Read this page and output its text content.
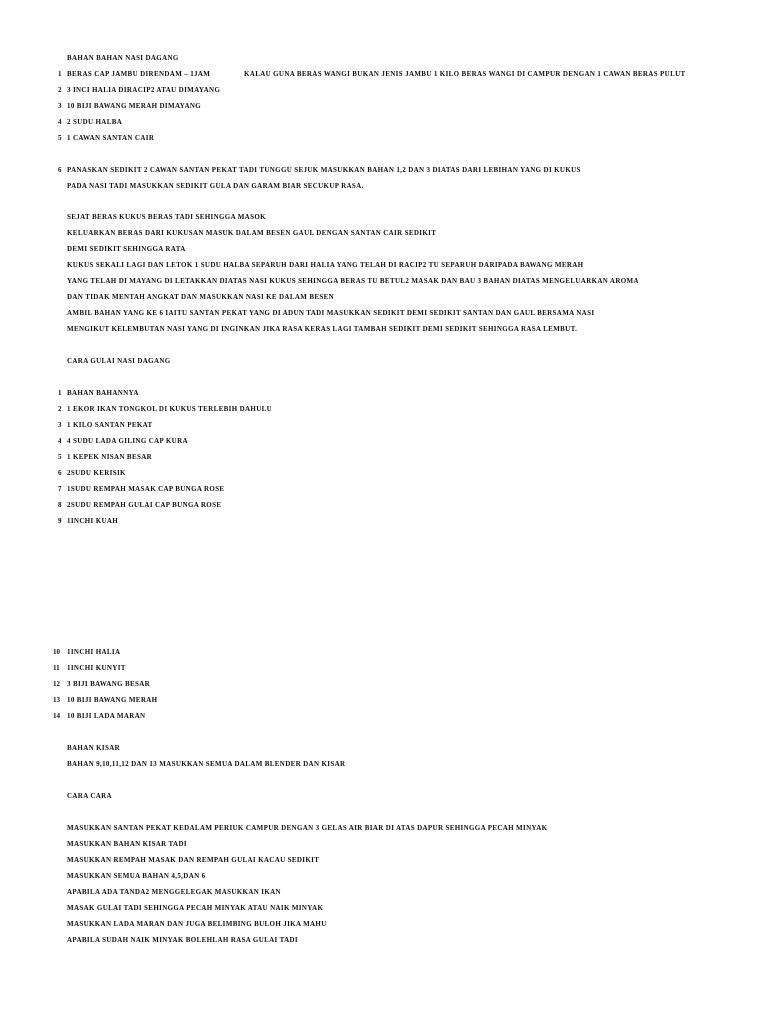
BAHAN BAHAN NASI DAGANG
1 BERAS CAP JAMBU DIRENDAM – 1JAM	KALAU GUNA BERAS WANGI BUKAN JENIS JAMBU 1 KILO BERAS WANGI DI CAMPUR DENGAN 1 CAWAN BERAS PULUT
2 3 INCI HALIA DIRACIP2 ATAU DIMAYANG
3 10 BIJI BAWANG MERAH DIMAYANG
4 2 SUDU HALBA
5 1 CAWAN SANTAN CAIR
6 PANASKAN SEDIKIT 2 CAWAN SANTAN PEKAT TADI TUNGGU SEJUK MASUKKAN BAHAN 1,2 DAN 3 DIATAS DARI LEBIHAN YANG DI KUKUS
PADA NASI TADI MASUKKAN SEDIKIT GULA DAN GARAM BIAR SECUKUP RASA.
SEJAT BERAS KUKUS BERAS TADI SEHINGGA MASOK
KELUARKAN BERAS DARI KUKUSAN MASUK DALAM BESEN GAUL DENGAN SANTAN CAIR SEDIKIT
DEMI SEDIKIT SEHINGGA RATA
KUKUS SEKALI LAGI DAN LETOK 1 SUDU HALBA SEPARUH DARI HALIA YANG TELAH DI RACIP2 TU SEPARUH DARIPADA BAWANG MERAH
YANG TELAH DI MAYANG DI LETAKKAN DIATAS NASI KUKUS SEHINGGA BERAS TU BETUL2 MASAK DAN BAU 3 BAHAN DIATAS MENGELUARKAN AROMA
DAN TIDAK MENTAH ANGKAT DAN MASUKKAN NASI KE DALAM BESEN
AMBIL BAHAN YANG KE 6 IAITU SANTAN PEKAT YANG DI ADUN TADI MASUKKAN SEDIKIT DEMI SEDIKIT SANTAN DAN GAUL BERSAMA NASI
MENGIKUT KELEMBUTAN NASI YANG DI INGINKAN JIKA RASA KERAS LAGI TAMBAH SEDIKIT DEMI SEDIKIT SEHINGGA RASA LEMBUT.
CARA GULAI NASI DAGANG
1 BAHAN BAHANNYA
2 1 EKOR IKAN TONGKOL DI KUKUS TERLEBIH DAHULU
3 1 KILO SANTAN PEKAT
4 4 SUDU LADA GILING CAP KURA
5 1 KEPEK NISAN BESAR
6 2SUDU KERISIK
7 1SUDU REMPAH MASAK CAP BUNGA ROSE
8 2SUDU REMPAH GULAI CAP BUNGA ROSE
9 1INCHI KUAH
10 1INCHI HALIA
11 1INCHI KUNYIT
12 3 BIJI BAWANG BESAR
13 10 BIJI BAWANG MERAH
14 10 BIJI LADA MARAN
BAHAN KISAR
BAHAN 9,10,11,12 DAN 13 MASUKKAN SEMUA DALAM BLENDER DAN KISAR
CARA CARA
MASUKKAN SANTAN PEKAT KEDALAM PERIUK CAMPUR DENGAN 3 GELAS AIR BIAR DI ATAS DAPUR SEHINGGA PECAH MINYAK
MASUKKAN BAHAN KISAR TADI
MASUKKAN REMPAH MASAK DAN REMPAH GULAI KACAU SEDIKIT
MASUKKAN SEMUA BAHAN 4,5,DAN 6
APABILA ADA TANDA2 MENGGELEGAK MASUKKAN IKAN
MASAK GULAI TADI SEHINGGA PECAH MINYAK ATAU NAIK MINYAK
MASUKKAN LADA MARAN DAN JUGA BELIMBING BULOH JIKA MAHU
APABILA SUDAH NAIK MINYAK BOLEHLAH RASA GULAI TADI
